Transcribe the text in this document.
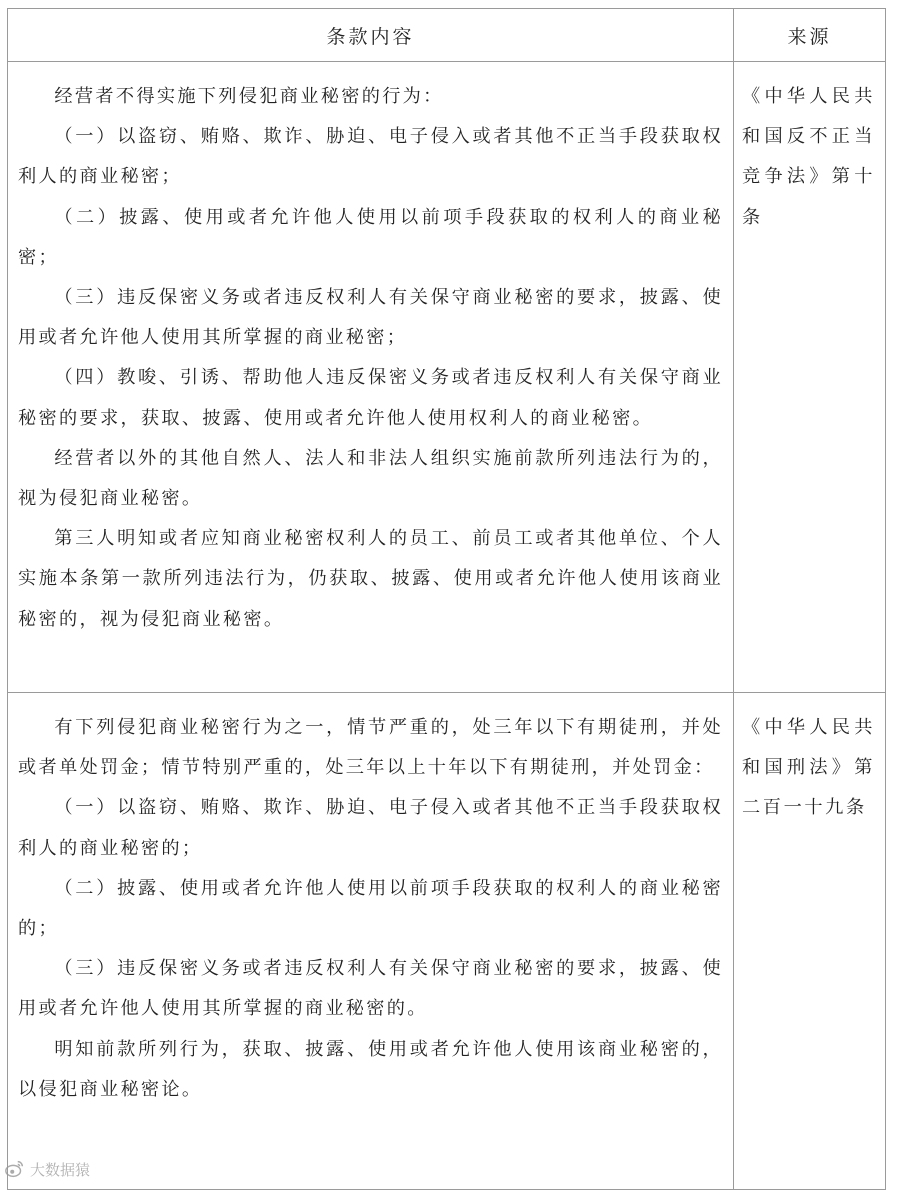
条款内容	来源

经营者不得实施下列侵犯商业秘密的行为：

（一）以盗窃、贿赂、欺诈、胁迫、电子侵入或者其他不正当手段获取权利人的商业秘密；

（二）披露、使用或者允许他人使用以前项手段获取的权利人的商业秘密；

（三）违反保密义务或者违反权利人有关保守商业秘密的要求，披露、使用或者允许他人使用其所掌握的商业秘密；

（四）教唆、引诱、帮助他人违反保密义务或者违反权利人有关保守商业秘密的要求，获取、披露、使用或者允许他人使用权利人的商业秘密。

经营者以外的其他自然人、法人和非法人组织实施前款所列违法行为的，视为侵犯商业秘密。

第三人明知或者应知商业秘密权利人的员工、前员工或者其他单位、个人实施本条第一款所列违法行为，仍获取、披露、使用或者允许他人使用该商业秘密的，视为侵犯商业秘密。

《中华人民共和国反不正当竞争法》第十条

有下列侵犯商业秘密行为之一，情节严重的，处三年以下有期徒刑，并处或者单处罚金；情节特别严重的，处三年以上十年以下有期徒刑，并处罚金：

（一）以盗窃、贿赂、欺诈、胁迫、电子侵入或者其他不正当手段获取权利人的商业秘密的；

（二）披露、使用或者允许他人使用以前项手段获取的权利人的商业秘密的；

（三）违反保密义务或者违反权利人有关保守商业秘密的要求，披露、使用或者允许他人使用其所掌握的商业秘密的。

明知前款所列行为，获取、披露、使用或者允许他人使用该商业秘密的，以侵犯商业秘密论。

《中华人民共和国刑法》第二百一十九条
大数据猿
